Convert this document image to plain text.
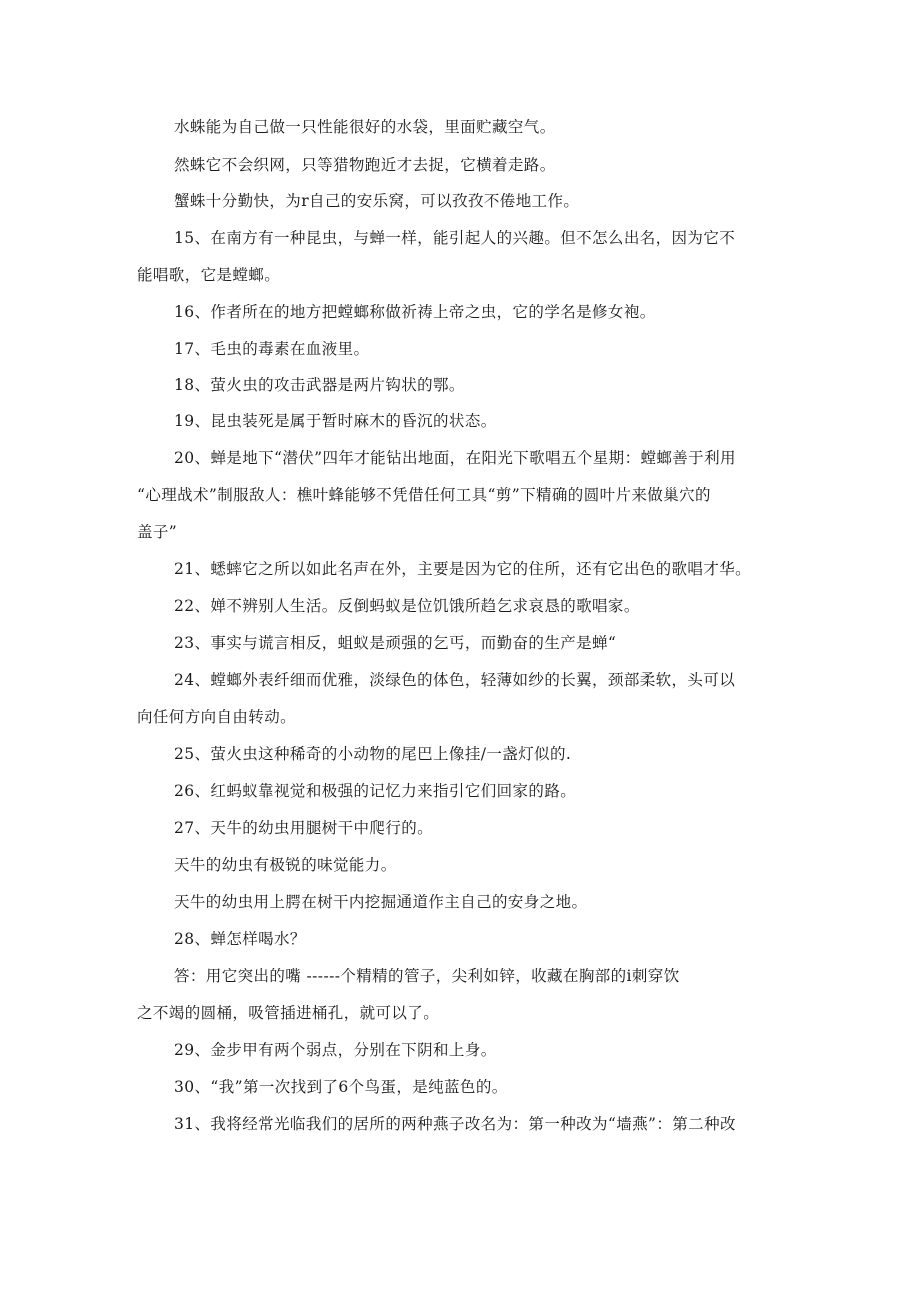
水蛛能为自己做一只性能很好的水袋，里面贮藏空气。
然蛛它不会织网，只等猎物跑近才去捉，它横着走路。
蟹蛛十分勤快，为r自己的安乐窝，可以孜孜不倦地工作。
15、在南方有一种昆虫，与蝉一样，能引起人的兴趣。但不怎么出名，因为它不
能唱歌，它是螳螂。
16、作者所在的地方把螳螂称做祈祷上帝之虫，它的学名是修女袍。
17、毛虫的毒素在血液里。
18、萤火虫的攻击武器是两片钩状的鄂。
19、昆虫装死是属于暂时麻木的昏沉的状态。
20、蝉是地下“潜伏”四年才能钻出地面，在阳光下歌唱五个星期：螳螂善于利用
“心理战术”制服敌人：樵叶蜂能够不凭借任何工具“剪”下精确的圆叶片来做巢穴的
盖子”
21、蟋蟀它之所以如此名声在外，主要是因为它的住所，还有它出色的歌唱才华。
22、婵不辨别人生活。反倒蚂蚁是位饥饿所趋乞求哀恳的歌唱家。
23、事实与谎言相反，蛆蚁是顽强的乞丐，而勤奋的生产是蝉“
24、螳螂外表纤细而优雅，淡绿色的体色，轻薄如纱的长翼，颈部柔软，头可以
向任何方向自由转动。
25、萤火虫这种稀奇的小动物的尾巴上像挂/一盏灯似的.
26、红蚂蚁靠视觉和极强的记忆力来指引它们回家的路。
27、天牛的幼虫用腿树干中爬行的。
天牛的幼虫有极锐的味觉能力。
天牛的幼虫用上腭在树干内挖掘通道作主自己的安身之地。
28、蝉怎样喝水？
答：用它突出的嘴 ------个精精的管子，尖利如锌，收藏在胸部的i刺穿饮
之不竭的圆桶，吸管插进桶孔，就可以了。
29、金步甲有两个弱点，分别在下阴和上身。
30、“我”第一次找到了6个鸟蛋，是纯蓝色的。
31、我将经常光临我们的居所的两种燕子改名为：第一种改为“墙燕”：第二种改
